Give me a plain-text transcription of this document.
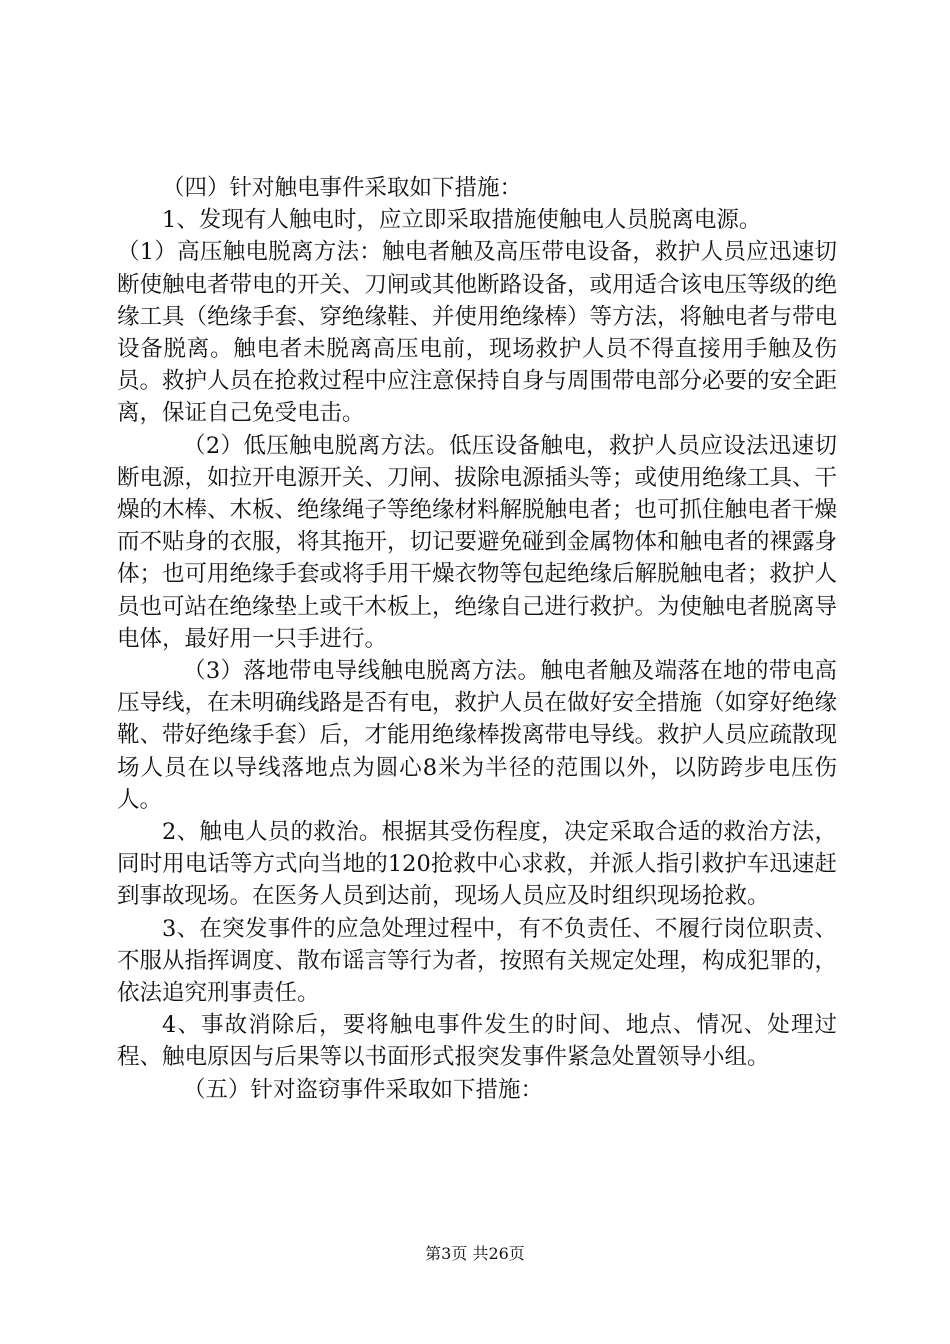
（四）针对触电事件采取如下措施：

1、发现有人触电时，应立即采取措施使触电人员脱离电源。

（1）高压触电脱离方法：触电者触及高压带电设备，救护人员应迅速切断使触电者带电的开关、刀闸或其他断路设备，或用适合该电压等级的绝缘工具（绝缘手套、穿绝缘鞋、并使用绝缘棒）等方法，将触电者与带电设备脱离。触电者未脱离高压电前，现场救护人员不得直接用手触及伤员。救护人员在抢救过程中应注意保持自身与周围带电部分必要的安全距离，保证自己免受电击。

（2）低压触电脱离方法。低压设备触电，救护人员应设法迅速切断电源，如拉开电源开关、刀闸、拔除电源插头等；或使用绝缘工具、干燥的木棒、木板、绝缘绳子等绝缘材料解脱触电者；也可抓住触电者干燥而不贴身的衣服，将其拖开，切记要避免碰到金属物体和触电者的裸露身体；也可用绝缘手套或将手用干燥衣物等包起绝缘后解脱触电者；救护人员也可站在绝缘垫上或干木板上，绝缘自己进行救护。为使触电者脱离导电体，最好用一只手进行。

（3）落地带电导线触电脱离方法。触电者触及端落在地的带电高压导线，在未明确线路是否有电，救护人员在做好安全措施（如穿好绝缘靴、带好绝缘手套）后，才能用绝缘棒拨离带电导线。救护人员应疏散现场人员在以导线落地点为圆心8米为半径的范围以外，以防跨步电压伤人。

2、触电人员的救治。根据其受伤程度，决定采取合适的救治方法，同时用电话等方式向当地的120抢救中心求救，并派人指引救护车迅速赶到事故现场。在医务人员到达前，现场人员应及时组织现场抢救。

3、在突发事件的应急处理过程中，有不负责任、不履行岗位职责、不服从指挥调度、散布谣言等行为者，按照有关规定处理，构成犯罪的，依法追究刑事责任。

4、事故消除后，要将触电事件发生的时间、地点、情况、处理过程、触电原因与后果等以书面形式报突发事件紧急处置领导小组。

（五）针对盗窃事件采取如下措施：

第3页 共26页
